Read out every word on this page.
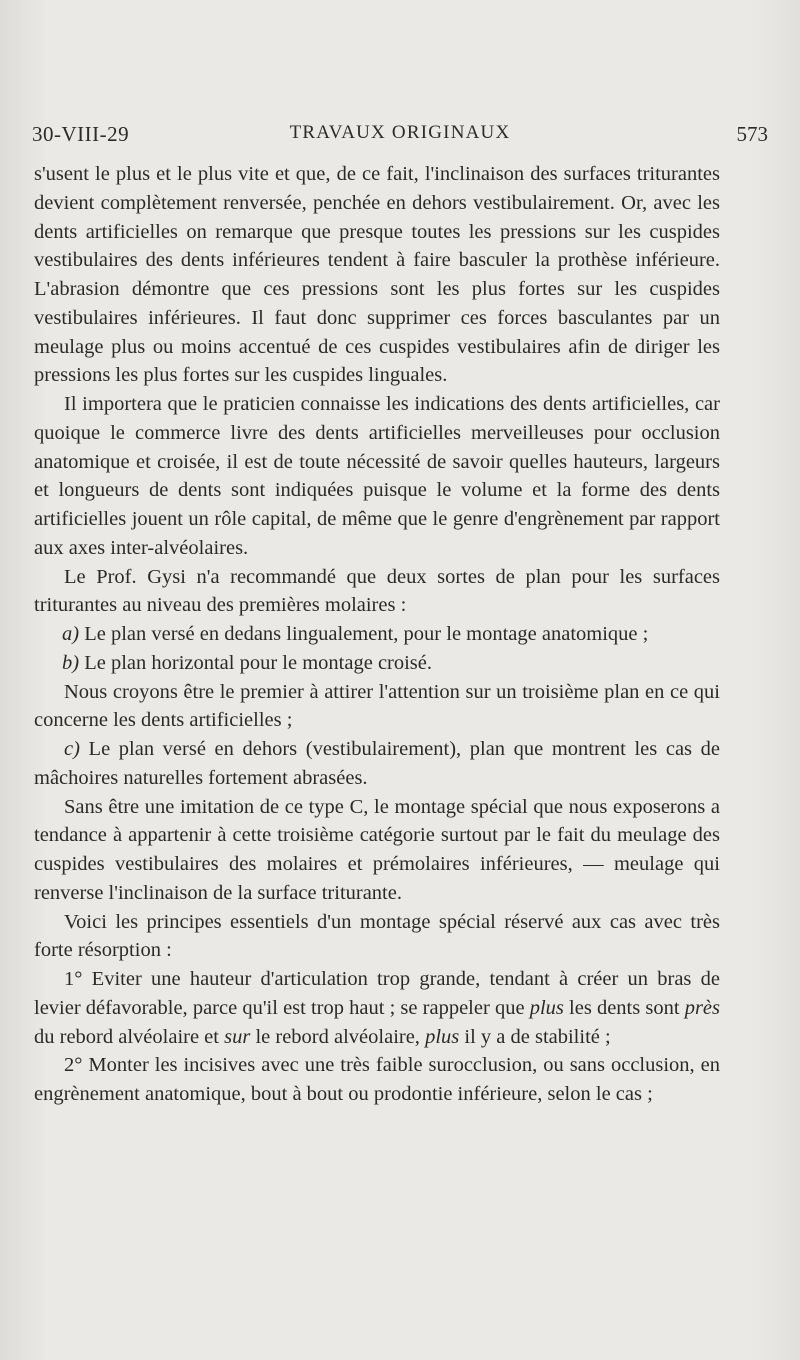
30-VIII-29	TRAVAUX ORIGINAUX	573

s'usent le plus et le plus vite et que, de ce fait, l'inclinaison des surfaces triturantes devient complètement renversée, penchée en dehors vestibulairement. Or, avec les dents artificielles on remarque que presque toutes les pressions sur les cuspides vestibulaires des dents inférieures tendent à faire basculer la prothèse inférieure. L'abrasion démontre que ces pressions sont les plus fortes sur les cuspides vestibulaires inférieures. Il faut donc supprimer ces forces basculantes par un meulage plus ou moins accentué de ces cuspides vestibulaires afin de diriger les pressions les plus fortes sur les cuspides linguales.

Il importera que le praticien connaisse les indications des dents artificielles, car quoique le commerce livre des dents artificielles merveilleuses pour occlusion anatomique et croisée, il est de toute nécessité de savoir quelles hauteurs, largeurs et longueurs de dents sont indiquées puisque le volume et la forme des dents artificielles jouent un rôle capital, de même que le genre d'engrènement par rapport aux axes inter-alvéolaires.

Le Prof. Gysi n'a recommandé que deux sortes de plan pour les surfaces triturantes au niveau des premières molaires :

a) Le plan versé en dedans lingualement, pour le montage anatomique ;

b) Le plan horizontal pour le montage croisé.

Nous croyons être le premier à attirer l'attention sur un troisième plan en ce qui concerne les dents artificielles ;

c) Le plan versé en dehors (vestibulairement), plan que montrent les cas de mâchoires naturelles fortement abrasées.

Sans être une imitation de ce type C, le montage spécial que nous exposerons a tendance à appartenir à cette troisième catégorie surtout par le fait du meulage des cuspides vestibulaires des molaires et prémolaires inférieures, — meulage qui renverse l'inclinaison de la surface triturante.

Voici les principes essentiels d'un montage spécial réservé aux cas avec très forte résorption :

1° Eviter une hauteur d'articulation trop grande, tendant à créer un bras de levier défavorable, parce qu'il est trop haut ; se rappeler que plus les dents sont près du rebord alvéolaire et sur le rebord alvéolaire, plus il y a de stabilité ;

2° Monter les incisives avec une très faible surocclusion, ou sans occlusion, en engrènement anatomique, bout à bout ou prodontie inférieure, selon le cas ;
